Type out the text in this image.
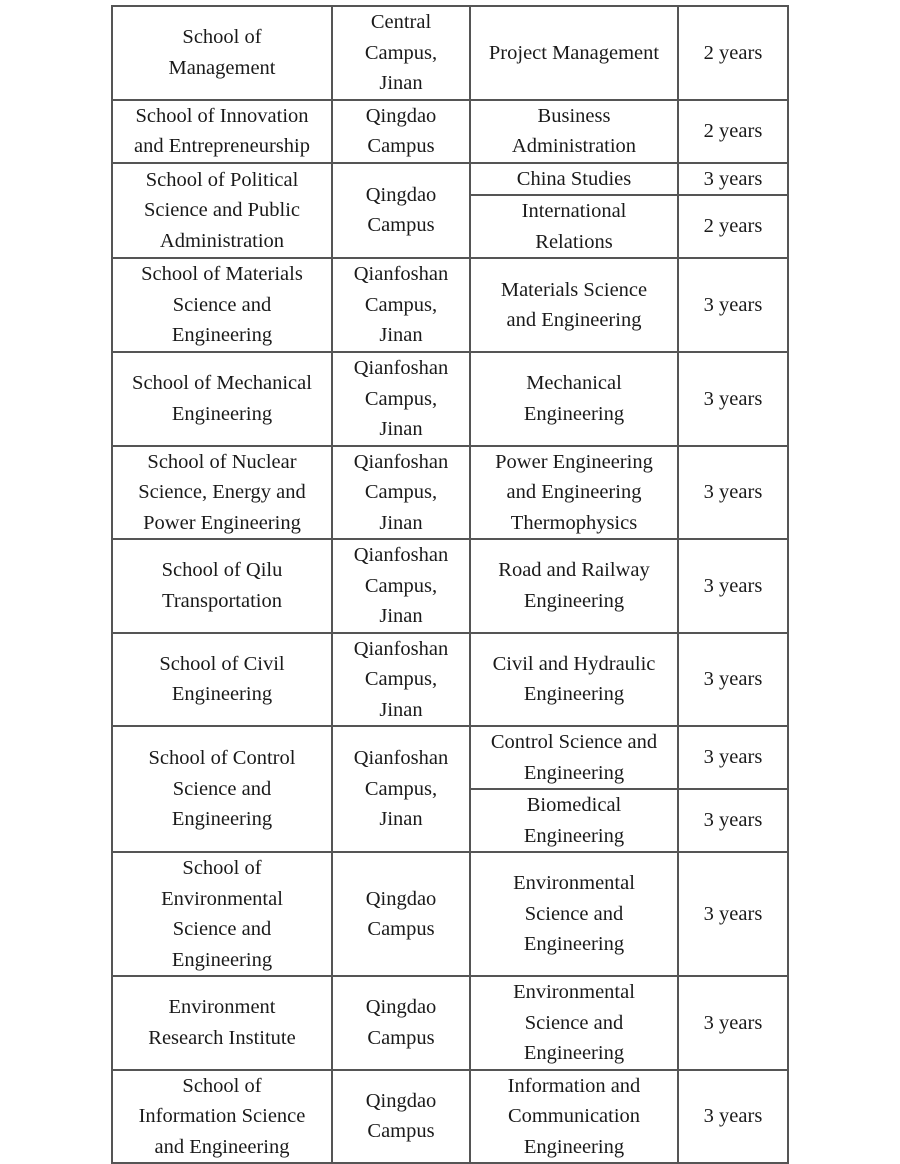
School of
Management	Central
Campus,
Jinan	Project Management	2 years

School of Innovation
and Entrepreneurship	Qingdao
Campus	Business
Administration	2 years

School of Political
Science and Public
Administration	Qingdao
Campus	China Studies	3 years

		International
Relations	2 years

School of Materials
Science and
Engineering	Qianfoshan
Campus,
Jinan	Materials Science
and Engineering	3 years

School of Mechanical
Engineering	Qianfoshan
Campus,
Jinan	Mechanical
Engineering	3 years

School of Nuclear
Science, Energy and
Power Engineering	Qianfoshan
Campus,
Jinan	Power Engineering
and Engineering
Thermophysics	3 years

School of Qilu
Transportation	Qianfoshan
Campus,
Jinan	Road and Railway
Engineering	3 years

School of Civil
Engineering	Qianfoshan
Campus,
Jinan	Civil and Hydraulic
Engineering	3 years

School of Control
Science and
Engineering	Qianfoshan
Campus,
Jinan	Control Science and
Engineering	3 years

		Biomedical
Engineering	3 years

School of
Environmental
Science and
Engineering	Qingdao
Campus	Environmental
Science and
Engineering	3 years

Environment
Research Institute	Qingdao
Campus	Environmental
Science and
Engineering	3 years

School of
Information Science
and Engineering	Qingdao
Campus	Information and
Communication
Engineering	3 years
